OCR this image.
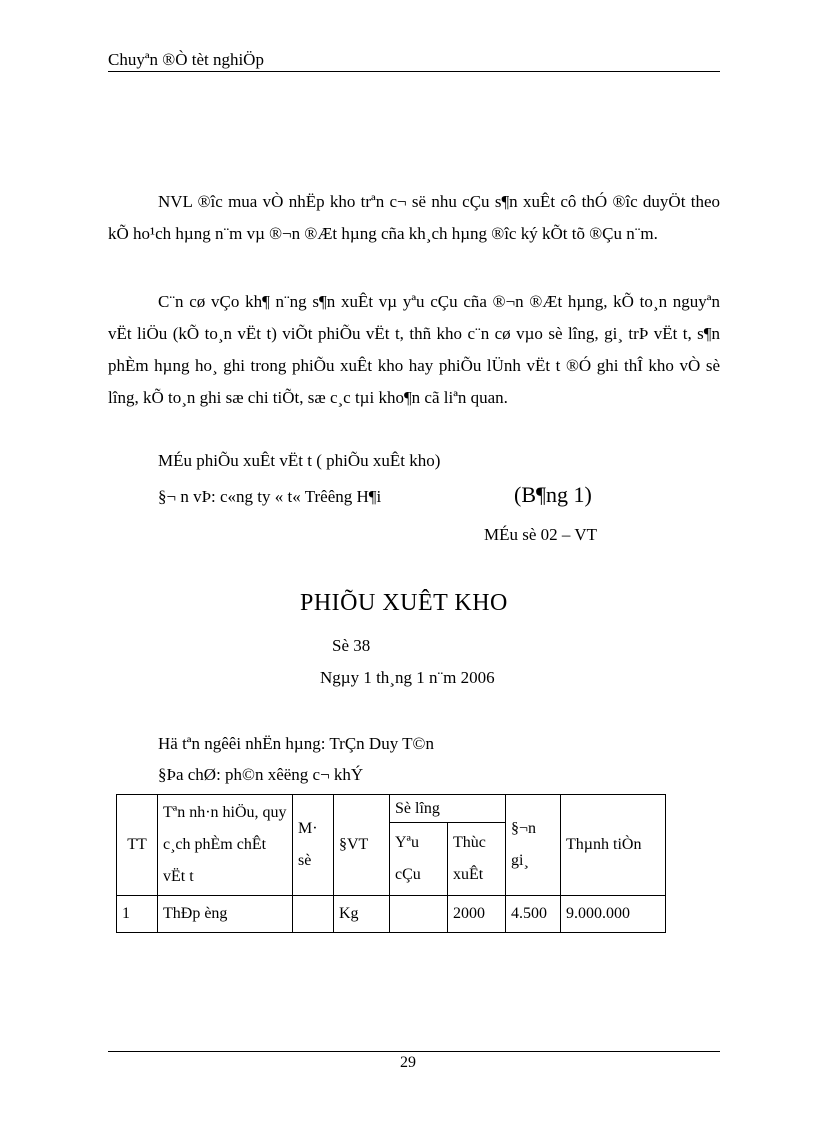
Chuyªn ®Ò tèt nghiÖp

NVL ®îc mua vÒ nhËp kho trªn c¬ së nhu cÇu s¶n xuÊt cô thÓ ®îc duyÖt theo kÕ ho¹ch hµng n¨m vµ ®¬n ®Æt hµng cña kh¸ch hµng ®îc ký kÕt tõ ®Çu n¨m.

C¨n cø vÇo kh¶ n¨ng s¶n xuÊt vµ yªu cÇu cña ®¬n ®Æt hµng, kÕ to¸n nguyªn vËt liÖu (kÕ to¸n vËt t) viÕt phiÕu vËt t, thñ kho c¨n cø vµo sè lîng, gi¸ trÞ vËt t, s¶n phÈm hµng ho¸ ghi trong phiÕu xuÊt kho hay phiÕu lÜnh vËt t ®Ó ghi thÎ kho vÒ sè lîng, kÕ to¸n ghi sæ chi tiÕt, sæ c¸c tµi kho¶n cã liªn quan.

MÉu phiÕu xuÊt vËt t ( phiÕu xuÊt kho)
§¬ n vÞ: c«ng ty « t« Trêêng H¶i	(B¶ng 1)
MÉu sè 02 – VT
PHIÕU XUÊT KHO
Sè 38
Ngµy 1 th¸ng 1 n¨m 2006
Hä tªn ngêêi nhËn hµng: TrÇn Duy T©n
§Þa chØ: ph©n xêëng c¬ khÝ
TT	Tªn nh·n hiÖu, quy c¸ch phÈm chÊt vËt t	M· sè	§VT	Sè lîng		§¬n gi¸	Thµnh tiÒn
				Yªu cÇu	Thùc xuÊt		
1	ThÐp èng		Kg		2000	4.500	9.000.000
29
